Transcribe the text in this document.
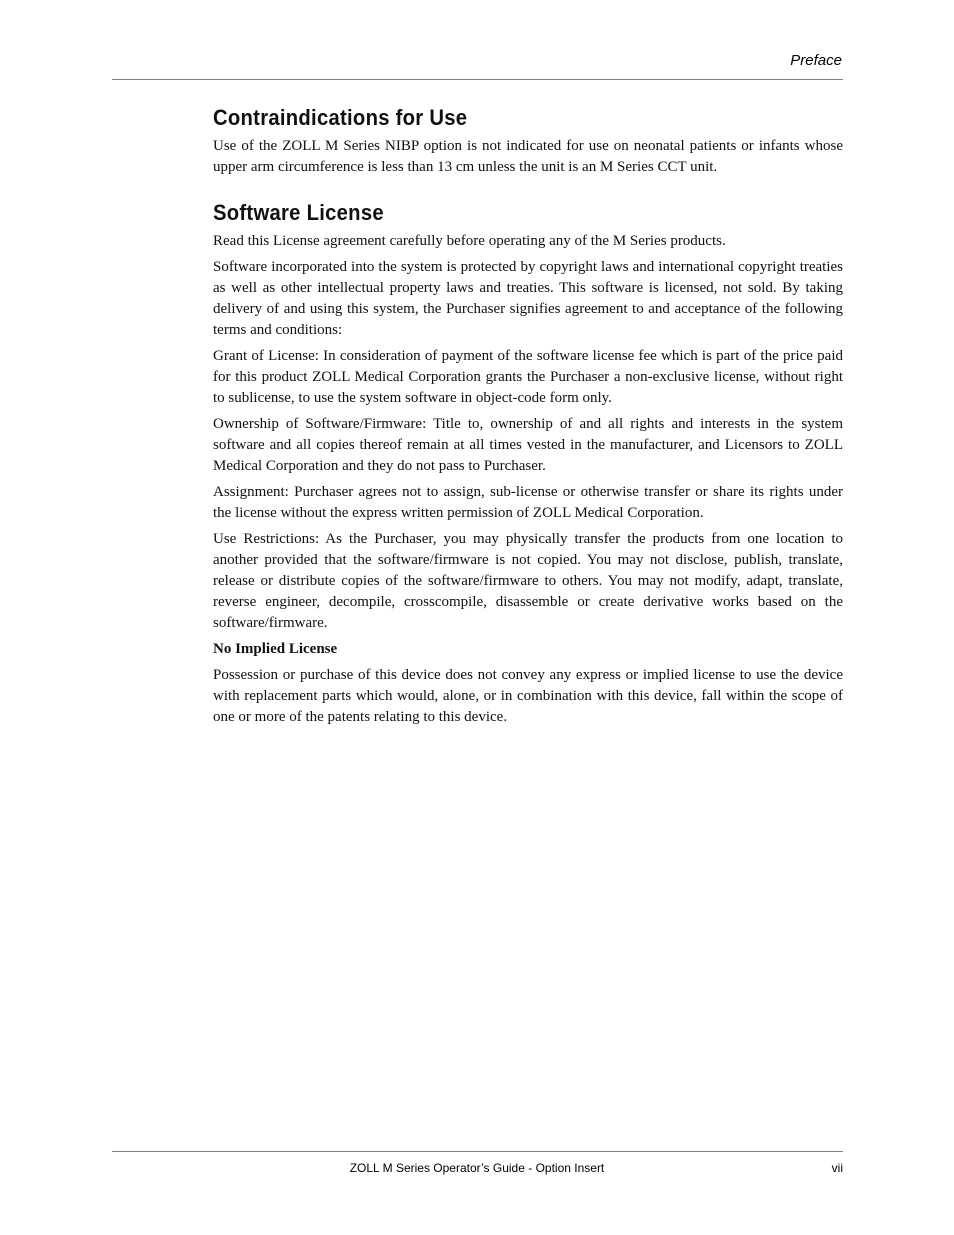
Preface
Contraindications for Use

Use of the ZOLL M Series NIBP option is not indicated for use on neonatal patients or infants whose upper arm circumference is less than 13 cm unless the unit is an M Series CCT unit.

Software License

Read this License agreement carefully before operating any of the M Series products.

Software incorporated into the system is protected by copyright laws and international copyright treaties as well as other intellectual property laws and treaties. This software is licensed, not sold. By taking delivery of and using this system, the Purchaser signifies agreement to and acceptance of the following terms and conditions:

Grant of License: In consideration of payment of the software license fee which is part of the price paid for this product ZOLL Medical Corporation grants the Purchaser a non-exclusive license, without right to sublicense, to use the system software in object-code form only.

Ownership of Software/Firmware: Title to, ownership of and all rights and interests in the system software and all copies thereof remain at all times vested in the manufacturer, and Licensors to ZOLL Medical Corporation and they do not pass to Purchaser.

Assignment: Purchaser agrees not to assign, sub-license or otherwise transfer or share its rights under the license without the express written permission of ZOLL Medical Corporation.

Use Restrictions: As the Purchaser, you may physically transfer the products from one location to another provided that the software/firmware is not copied. You may not disclose, publish, translate, release or distribute copies of the software/firmware to others. You may not modify, adapt, translate, reverse engineer, decompile, crosscompile, disassemble or create derivative works based on the software/firmware.

No Implied License

Possession or purchase of this device does not convey any express or implied license to use the device with replacement parts which would, alone, or in combination with this device, fall within the scope of one or more of the patents relating to this device.

ZOLL M Series Operator’s Guide - Option Insert	vii
